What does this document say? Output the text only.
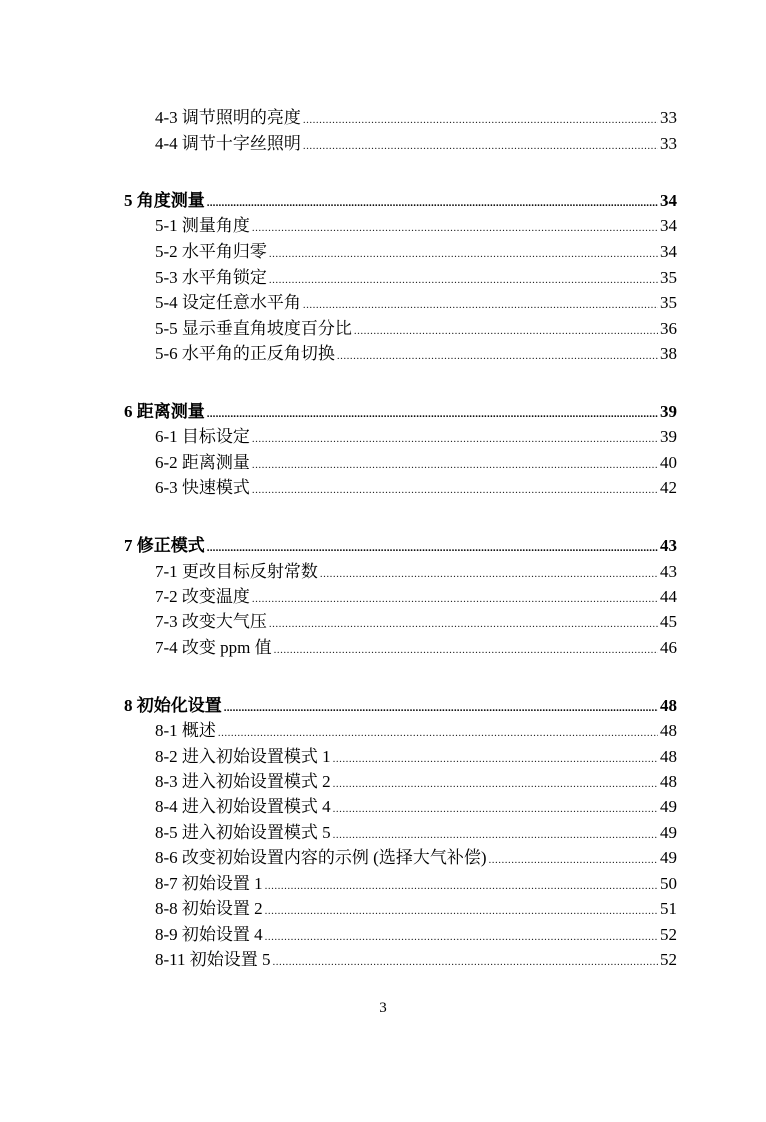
4-3 调节照明的亮度 .....	33
4-4 调节十字丝照明 .....	33
5 角度测量 .....	34
5-1 测量角度 .....	34
5-2 水平角归零 .....	34
5-3 水平角锁定 .....	35
5-4 设定任意水平角 .....	35
5-5 显示垂直角坡度百分比 .....	36
5-6 水平角的正反角切换 .....	38
6 距离测量 .....	39
6-1 目标设定 .....	39
6-2 距离测量 .....	40
6-3 快速模式 .....	42
7 修正模式 .....	43
7-1 更改目标反射常数 .....	43
7-2 改变温度 .....	44
7-3 改变大气压 .....	45
7-4 改变 ppm 值 .....	46
8 初始化设置 .....	48
8-1 概述 .....	48
8-2 进入初始设置模式 1 .....	48
8-3 进入初始设置模式 2 .....	48
8-4 进入初始设置模式 4 .....	49
8-5 进入初始设置模式 5 .....	49
8-6 改变初始设置内容的示例 (选择大气补偿) .....	49
8-7 初始设置 1 .....	50
8-8 初始设置 2 .....	51
8-9 初始设置 4 .....	52
8-11 初始设置 5 .....	52
3
